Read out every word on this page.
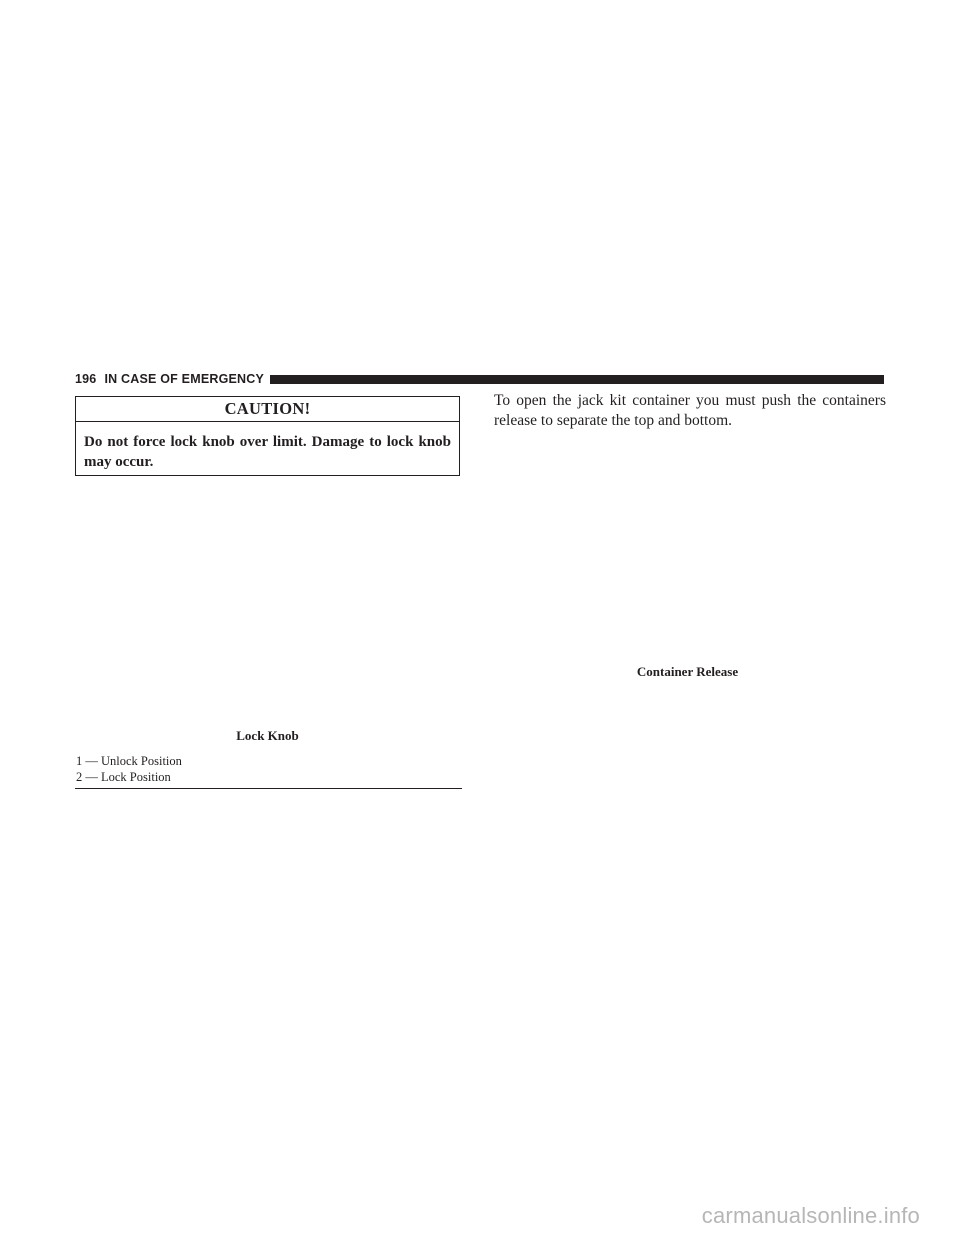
196 IN CASE OF EMERGENCY
CAUTION!
Do not force lock knob over limit. Damage to lock knob may occur.
Lock Knob
1 — Unlock Position
2 — Lock Position
To open the jack kit container you must push the containers release to separate the top and bottom.
Container Release
carmanualsonline.info
